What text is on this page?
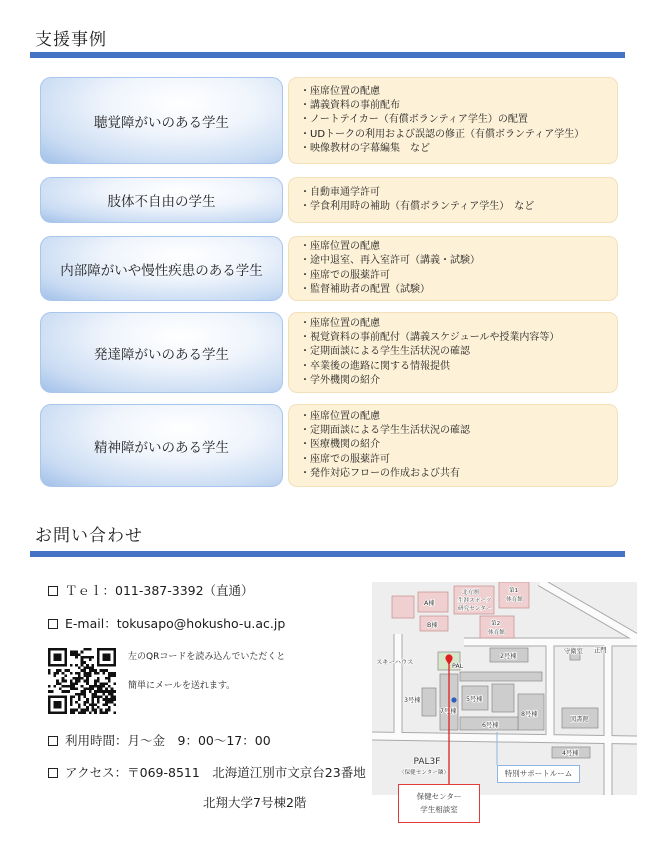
支援事例
聴覚障がいのある学生
・座席位置の配慮
・講義資料の事前配布
・ノートテイカー（有償ボランティア学生）の配置
・UDトークの利用および誤認の修正（有償ボランティア学生）
・映像教材の字幕編集　など
肢体不自由の学生
・自動車通学許可
・学食利用時の補助（有償ボランティア学生）　など
内部障がいや慢性疾患のある学生
・座席位置の配慮
・途中退室、再入室許可（講義・試験）
・座席での服薬許可
・監督補助者の配置（試験）
発達障がいのある学生
・座席位置の配慮
・視覚資料の事前配付（講義スケジュールや授業内容等）
・定期面談による学生生活状況の確認
・卒業後の進路に関する情報提供
・学外機関の紹介
精神障がいのある学生
・座席位置の配慮
・定期面談による学生生活状況の確認
・医療機関の紹介
・座席での服薬許可
・発作対応フローの作成および共有
お問い合わせ
Ｔｅｌ：011-387-3392（直通）
E-mail：tokusapo@hokusho-u.ac.jp
左のQRコードを読み込んでいただくと
簡単にメールを送れます。
利用時間：月～金　9：00～17：00
アクセス：〒069-8511　北海道江別市文京台23番地
北翔大学7号棟2階
A棟
B棟
北方圏
生涯スポーツ
研究センター
第1
体育館
第2
体育館
スキーハウス
PAL
2号棟
守衛室 正門
3号棟
7号棟
5号棟
6号棟
8号棟
図書館
4号棟
PAL3F
（保健センター隣）	特別サポートルーム
保健センター
学生相談室
